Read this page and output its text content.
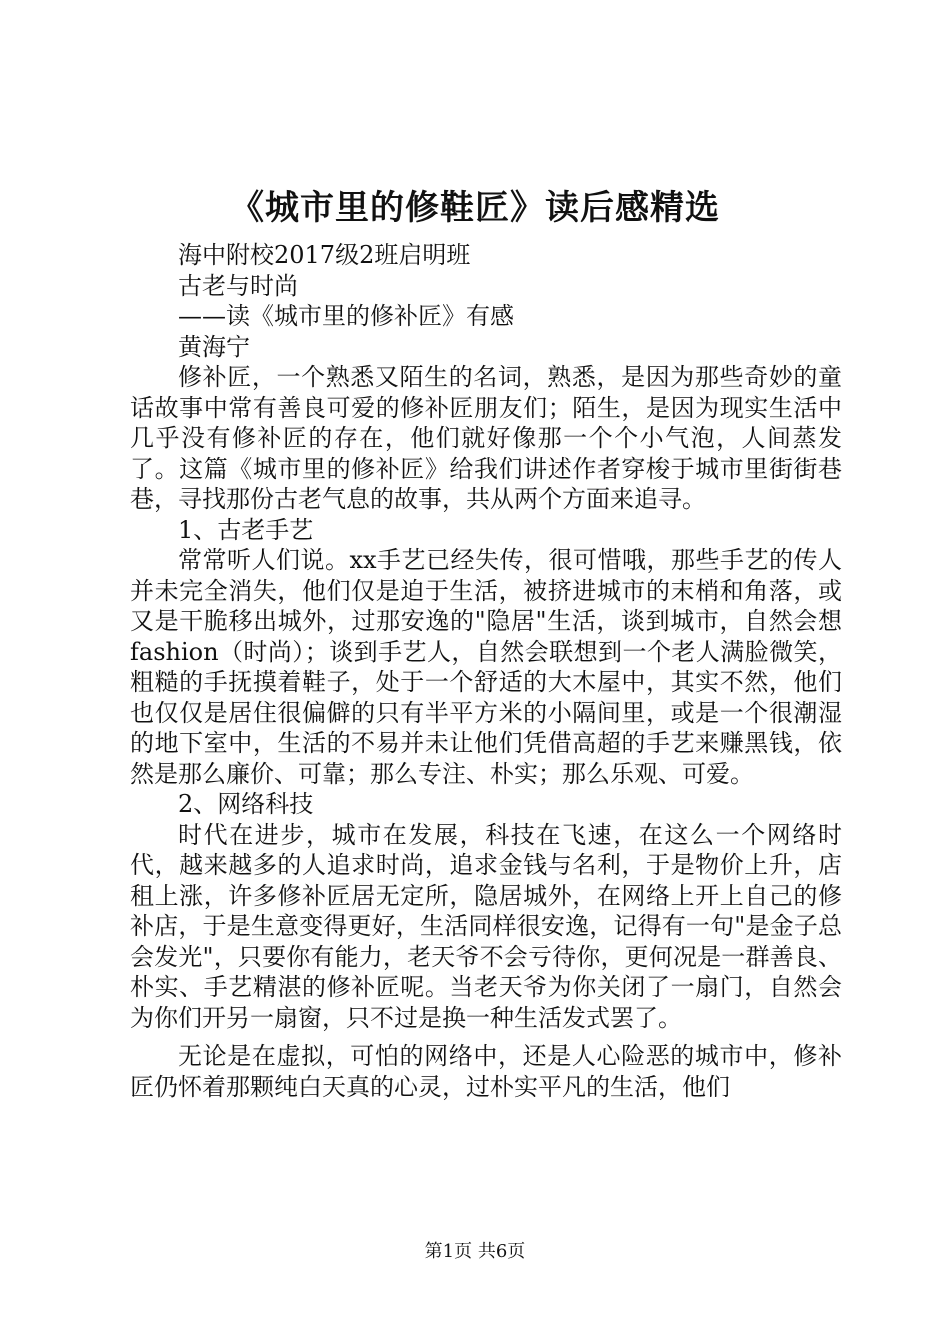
《城市里的修鞋匠》读后感精选
海中附校2017级2班启明班
古老与时尚
——读《城市里的修补匠》有感
黄海宁

修补匠，一个熟悉又陌生的名词，熟悉，是因为那些奇妙的童话故事中常有善良可爱的修补匠朋友们；陌生，是因为现实生活中几乎没有修补匠的存在，他们就好像那一个个小气泡，人间蒸发了。这篇《城市里的修补匠》给我们讲述作者穿梭于城市里街街巷巷，寻找那份古老气息的故事，共从两个方面来追寻。

1、古老手艺

常常听人们说。xx手艺已经失传，很可惜哦，那些手艺的传人并未完全消失，他们仅是迫于生活，被挤进城市的末梢和角落，或又是干脆移出城外，过那安逸的"隐居"生活，谈到城市，自然会想fashion（时尚）；谈到手艺人，自然会联想到一个老人满脸微笑，粗糙的手抚摸着鞋子，处于一个舒适的大木屋中，其实不然，他们也仅仅是居住很偏僻的只有半平方米的小隔间里，或是一个很潮湿的地下室中，生活的不易并未让他们凭借高超的手艺来赚黑钱，依然是那么廉价、可靠；那么专注、朴实；那么乐观、可爱。

2、网络科技

时代在进步，城市在发展，科技在飞速，在这么一个网络时代，越来越多的人追求时尚，追求金钱与名利，于是物价上升，店租上涨，许多修补匠居无定所，隐居城外，在网络上开上自己的修补店，于是生意变得更好，生活同样很安逸，记得有一句"是金子总会发光"，只要你有能力，老天爷不会亏待你，更何况是一群善良、朴实、手艺精湛的修补匠呢。当老天爷为你关闭了一扇门，自然会为你们开另一扇窗，只不过是换一种生活发式罢了。

无论是在虚拟，可怕的网络中，还是人心险恶的城市中，修补匠仍怀着那颗纯白天真的心灵，过朴实平凡的生活，他们

第1页 共6页
